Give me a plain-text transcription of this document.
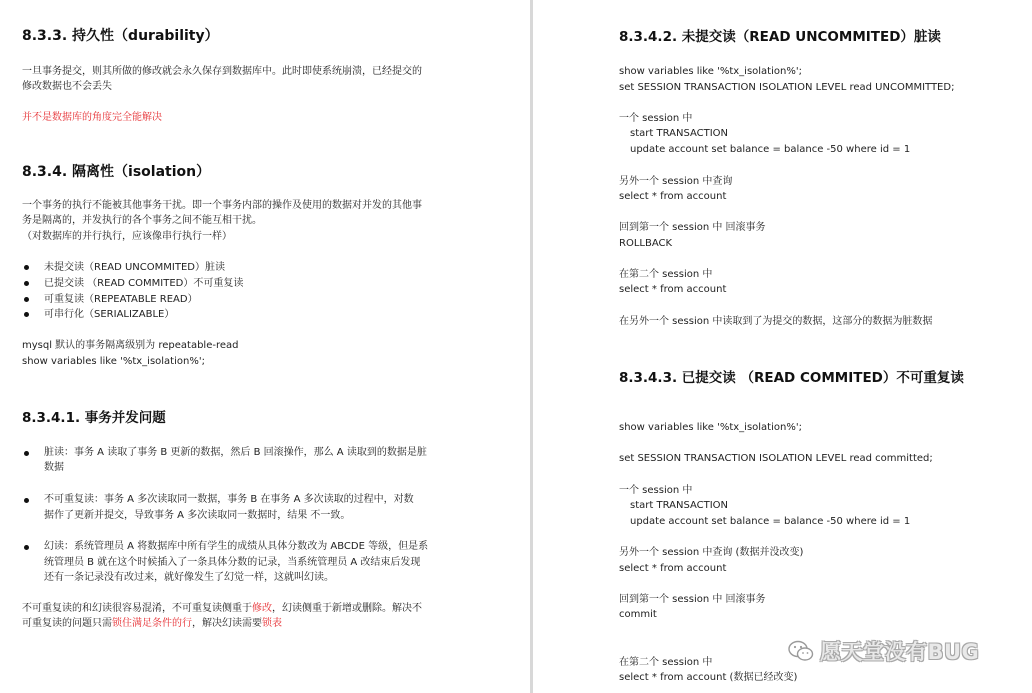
8.3.3. 持久性（durability）
一旦事务提交，则其所做的修改就会永久保存到数据库中。此时即使系统崩溃，已经提交的
修改数据也不会丢失
并不是数据库的角度完全能解决
8.3.4. 隔离性（isolation）
一个事务的执行不能被其他事务干扰。即一个事务内部的操作及使用的数据对并发的其他事
务是隔离的，并发执行的各个事务之间不能互相干扰。
（对数据库的并行执行，应该像串行执行一样）
未提交读（READ UNCOMMITED）脏读
已提交读 （READ COMMITED）不可重复读
可重复读（REPEATABLE READ）
可串行化（SERIALIZABLE）
mysql 默认的事务隔离级别为 repeatable-read
show variables like '%tx_isolation%';
8.3.4.1. 事务并发问题
脏读：事务 A 读取了事务 B 更新的数据，然后 B 回滚操作，那么 A 读取到的数据是脏
数据
不可重复读：事务 A 多次读取同一数据，事务 B 在事务 A 多次读取的过程中，对数
据作了更新并提交，导致事务 A 多次读取同一数据时，结果 不一致。
幻读：系统管理员 A 将数据库中所有学生的成绩从具体分数改为 ABCDE 等级，但是系
统管理员 B 就在这个时候插入了一条具体分数的记录，当系统管理员 A 改结束后发现
还有一条记录没有改过来，就好像发生了幻觉一样，这就叫幻读。
不可重复读的和幻读很容易混淆，不可重复读侧重于修改，幻读侧重于新增或删除。解决不
可重复读的问题只需锁住满足条件的行，解决幻读需要锁表
8.3.4.2. 未提交读（READ UNCOMMITED）脏读
show variables like '%tx_isolation%';
set SESSION TRANSACTION ISOLATION LEVEL read UNCOMMITTED;
一个 session 中
start TRANSACTION
update account set balance = balance -50 where id = 1
另外一个 session 中查询
select * from account
回到第一个 session 中 回滚事务
ROLLBACK
在第二个 session 中
select * from account
在另外一个 session 中读取到了为提交的数据，这部分的数据为脏数据
8.3.4.3. 已提交读 （READ COMMITED）不可重复读
show variables like '%tx_isolation%';
set SESSION TRANSACTION ISOLATION LEVEL read committed;
一个 session 中
start TRANSACTION
update account set balance = balance -50 where id = 1
另外一个 session 中查询 (数据并没改变)
select * from account
回到第一个 session 中 回滚事务
commit
在第二个 session 中
select * from account (数据已经改变)
愿天堂没有BUG
